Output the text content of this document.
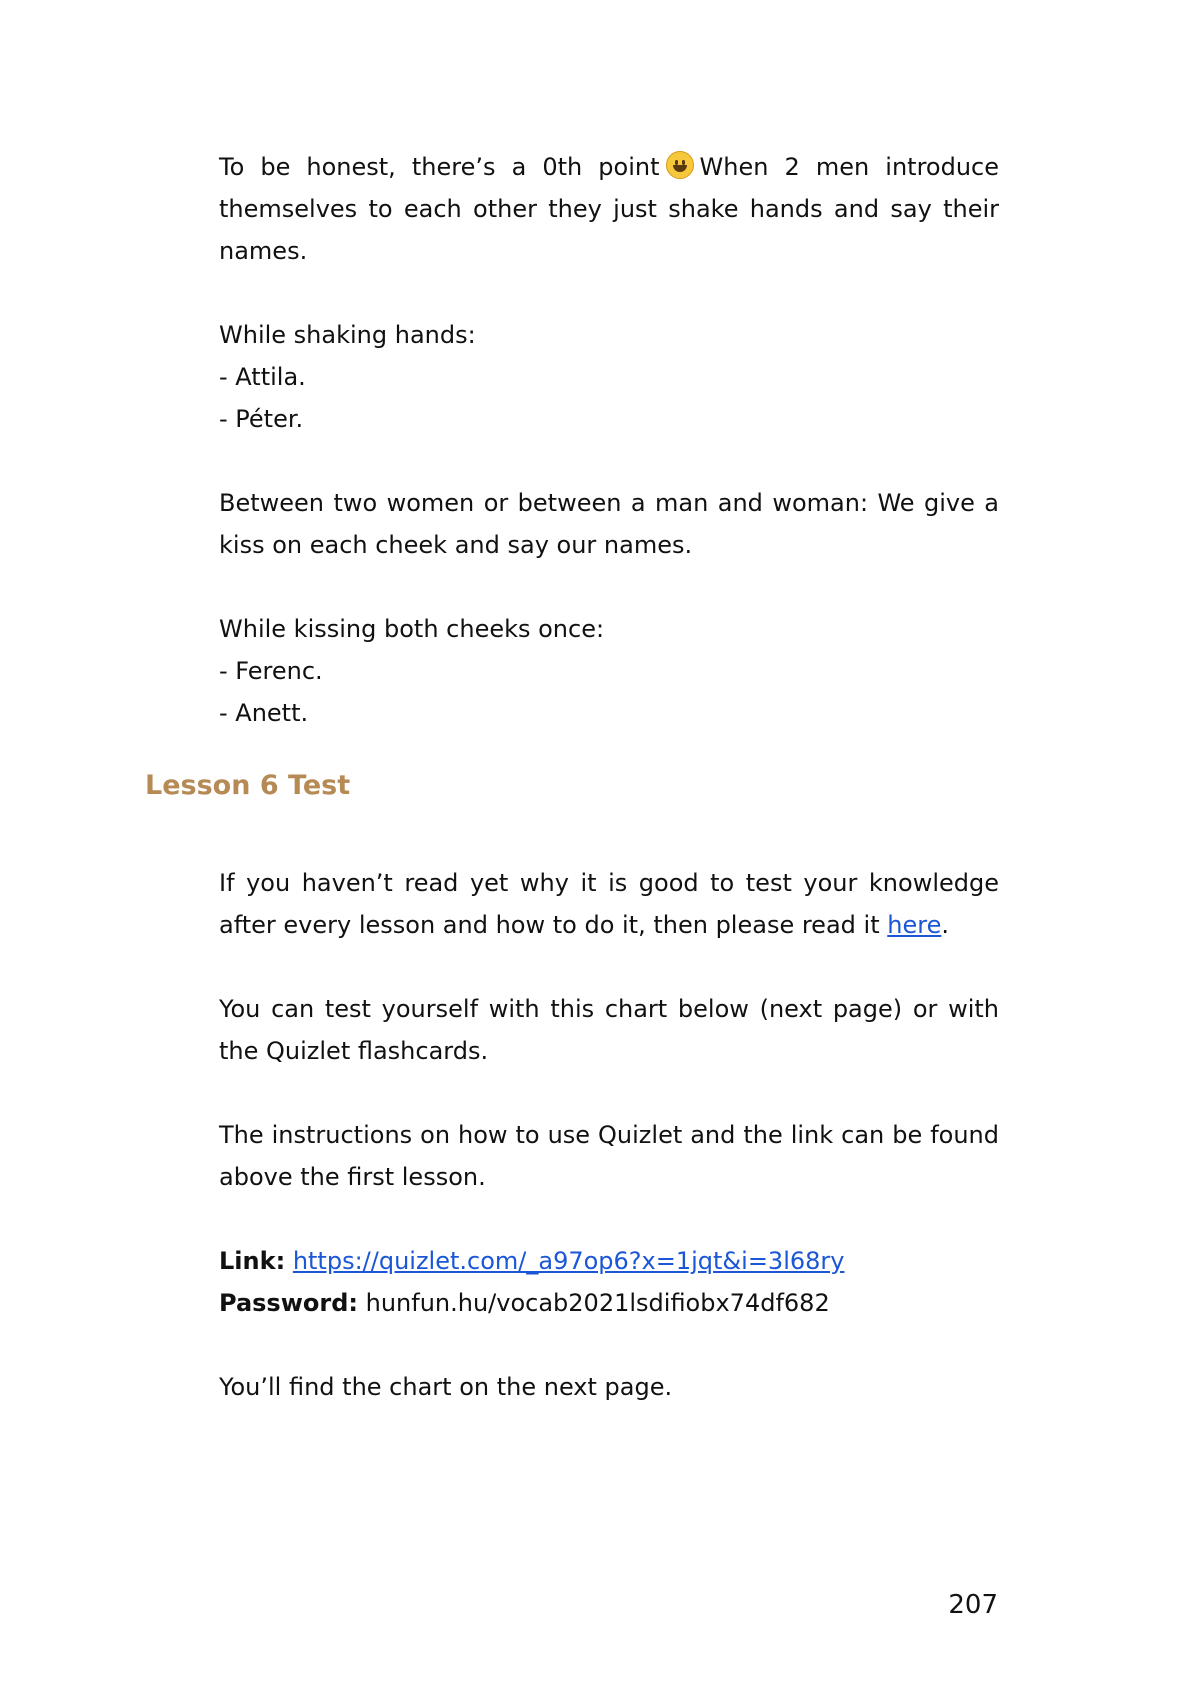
To be honest, there’s a 0th point When 2 men introduce themselves to each other they just shake hands and say their names.
While shaking hands:
- Attila.
- Péter.
Between two women or between a man and woman: We give a kiss on each cheek and say our names.
While kissing both cheeks once:
- Ferenc.
- Anett.
Lesson 6 Test
If you haven’t read yet why it is good to test your knowledge after every lesson and how to do it, then please read it here.
You can test yourself with this chart below (next page) or with the Quizlet flashcards.
The instructions on how to use Quizlet and the link can be found above the first lesson.
Link: https://quizlet.com/_a97op6?x=1jqt&i=3l68ry
Password: hunfun.hu/vocab2021lsdifiobx74df682
You’ll find the chart on the next page.
207
